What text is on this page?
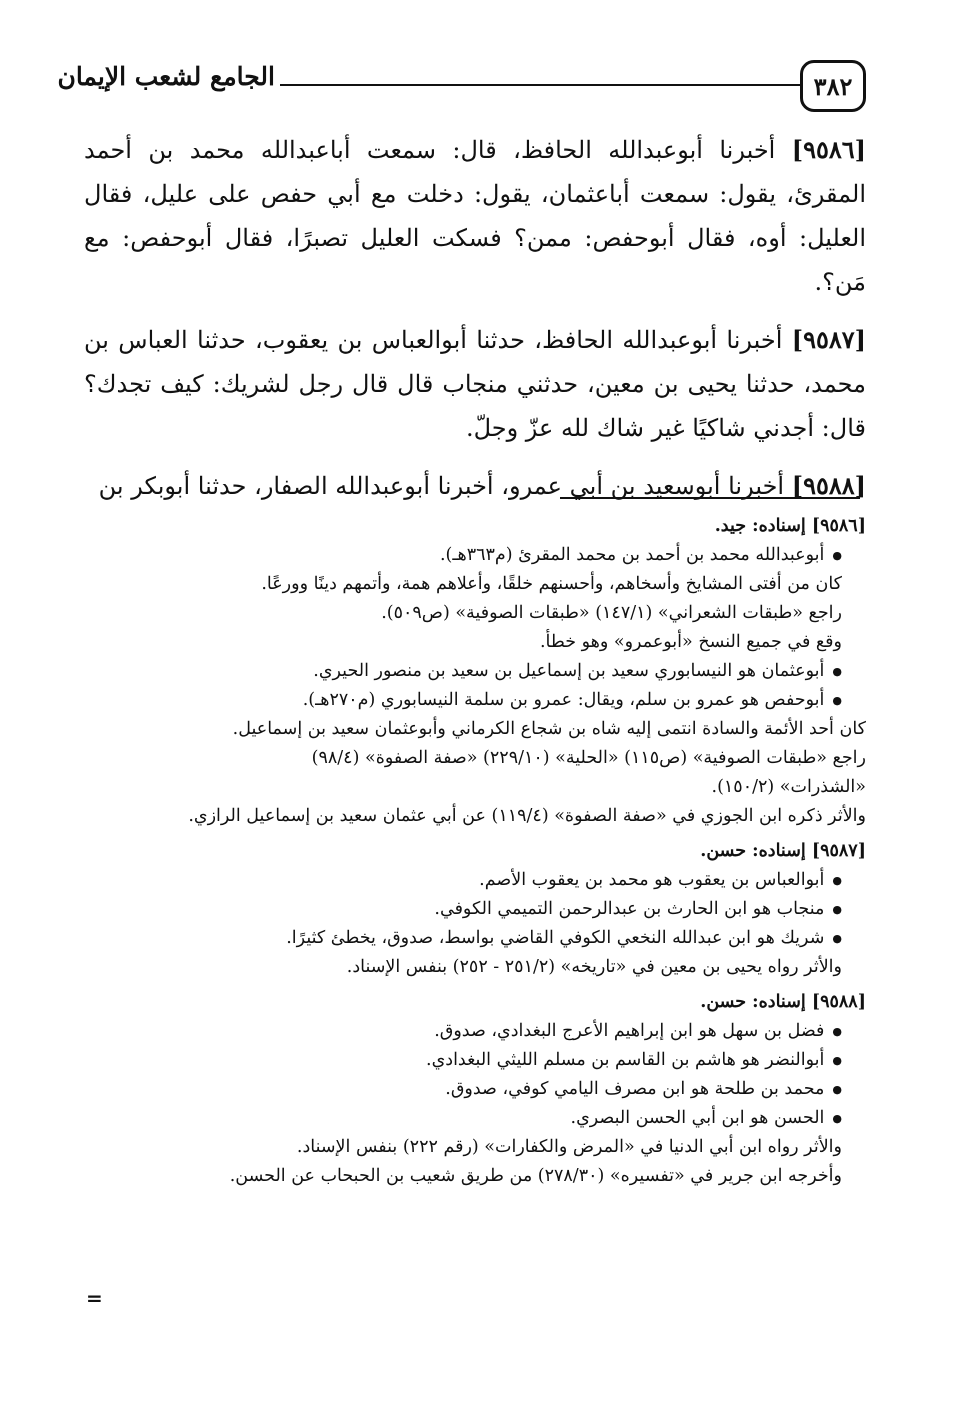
٣٨٢
الجامع لشعب الإيمان

[٩٥٨٦] أخبرنا أبوعبدالله الحافظ، قال: سمعت أباعبدالله محمد بن أحمد المقرئ، يقول: سمعت أباعثمان، يقول: دخلت مع أبي حفص على عليل، فقال العليل: أوه، فقال أبوحفص: ممن؟ فسكت العليل تصبرًا، فقال أبوحفص: مع مَن؟.

[٩٥٨٧] أخبرنا أبوعبدالله الحافظ، حدثنا أبوالعباس بن يعقوب، حدثنا العباس بن محمد، حدثنا يحيى بن معين، حدثني منجاب قال قال رجل لشريك: كيف تجدك؟ قال: أجدني شاكيًا غير شاك لله عزّ وجلّ.

[٩٥٨٨] أخبرنا أبوسعيد بن أبي عمرو، أخبرنا أبوعبدالله الصفار، حدثنا أبوبكر بن

[٩٥٨٦] إسناده: جيد.

● أبوعبدالله محمد بن أحمد بن محمد المقرئ (م٣٦٣هـ).

كان من أفتى المشايخ وأسخاهم، وأحسنهم خلقًا، وأعلاهم همة، وأتمهم دينًا وورعًا.

راجع «طبقات الشعراني» (١٤٧/١) «طبقات الصوفية» (ص٥٠٩).

وقع في جميع النسخ «أبوعمرو» وهو خطأ.

● أبوعثمان هو النيسابوري سعيد بن إسماعيل بن سعيد بن منصور الحيري.

● أبوحفص هو عمرو بن سلم، ويقال: عمرو بن سلمة النيسابوري (م٢٧٠هـ).

كان أحد الأئمة والسادة انتمى إليه شاه بن شجاع الكرماني وأبوعثمان سعيد بن إسماعيل.

راجع «طبقات الصوفية» (ص١١٥) «الحلية» (٢٢٩/١٠) «صفة الصفوة» (٩٨/٤)

«الشذرات» (١٥٠/٢).

والأثر ذكره ابن الجوزي في «صفة الصفوة» (١١٩/٤) عن أبي عثمان سعيد بن إسماعيل الرازي.

[٩٥٨٧] إسناده: حسن.

● أبوالعباس بن يعقوب هو محمد بن يعقوب الأصم.

● منجاب هو ابن الحارث بن عبدالرحمن التميمي الكوفي.

● شريك هو ابن عبدالله النخعي الكوفي القاضي بواسط، صدوق، يخطئ كثيرًا.

والأثر رواه يحيى بن معين في «تاريخه» (٢٥١/٢ - ٢٥٢) بنفس الإسناد.

[٩٥٨٨] إسناده: حسن.

● فضل بن سهل هو ابن إبراهيم الأعرج البغدادي، صدوق.

● أبوالنضر هو هاشم بن القاسم بن مسلم الليثي البغدادي.

● محمد بن طلحة هو ابن مصرف اليامي كوفي، صدوق.

● الحسن هو ابن أبي الحسن البصري.

والأثر رواه ابن أبي الدنيا في «المرض والكفارات» (رقم ٢٢٢) بنفس الإسناد.

وأخرجه ابن جرير في «تفسيره» (٢٧٨/٣٠) من طريق شعيب بن الحبحاب عن الحسن.

=
